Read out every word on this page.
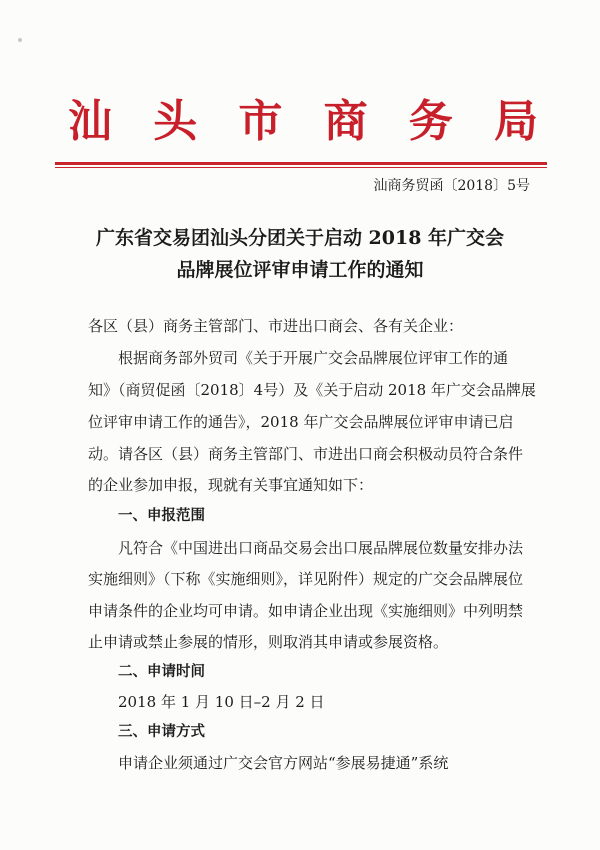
汕 头 市 商 务 局
汕商务贸函〔2018〕5号
广东省交易团汕头分团关于启动 2018 年广交会
品牌展位评审申请工作的通知
各区（县）商务主管部门、市进出口商会、各有关企业：
根据商务部外贸司《关于开展广交会品牌展位评审工作的通
知》（商贸促函〔2018〕4号）及《关于启动 2018 年广交会品牌展
位评审申请工作的通告》，2018 年广交会品牌展位评审申请已启
动。请各区（县）商务主管部门、市进出口商会积极动员符合条件
的企业参加申报，现就有关事宜通知如下：
一、申报范围
凡符合《中国进出口商品交易会出口展品牌展位数量安排办法
实施细则》（下称《实施细则》，详见附件）规定的广交会品牌展位
申请条件的企业均可申请。如申请企业出现《实施细则》中列明禁
止申请或禁止参展的情形，则取消其申请或参展资格。
二、申请时间
2018 年 1 月 10 日–2 月 2 日
三、申请方式
申请企业须通过广交会官方网站“参展易捷通”系统
